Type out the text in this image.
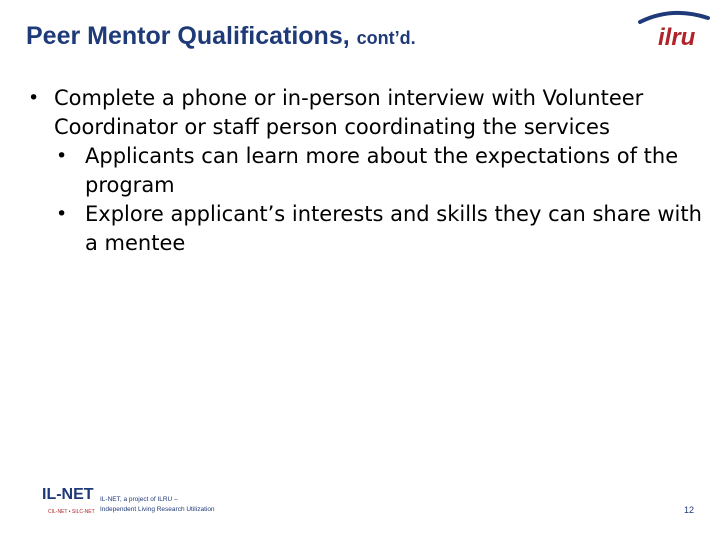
Peer Mentor Qualifications, cont’d.	ilru
• Complete a phone or in-person interview with Volunteer Coordinator or staff person coordinating the services
• Applicants can learn more about the expectations of the program
• Explore applicant’s interests and skills they can share with a mentee
IL-NET
CIL-NET • SILC-NET
IL-NET, a project of ILRU –
Independent Living Research Utilization	12
